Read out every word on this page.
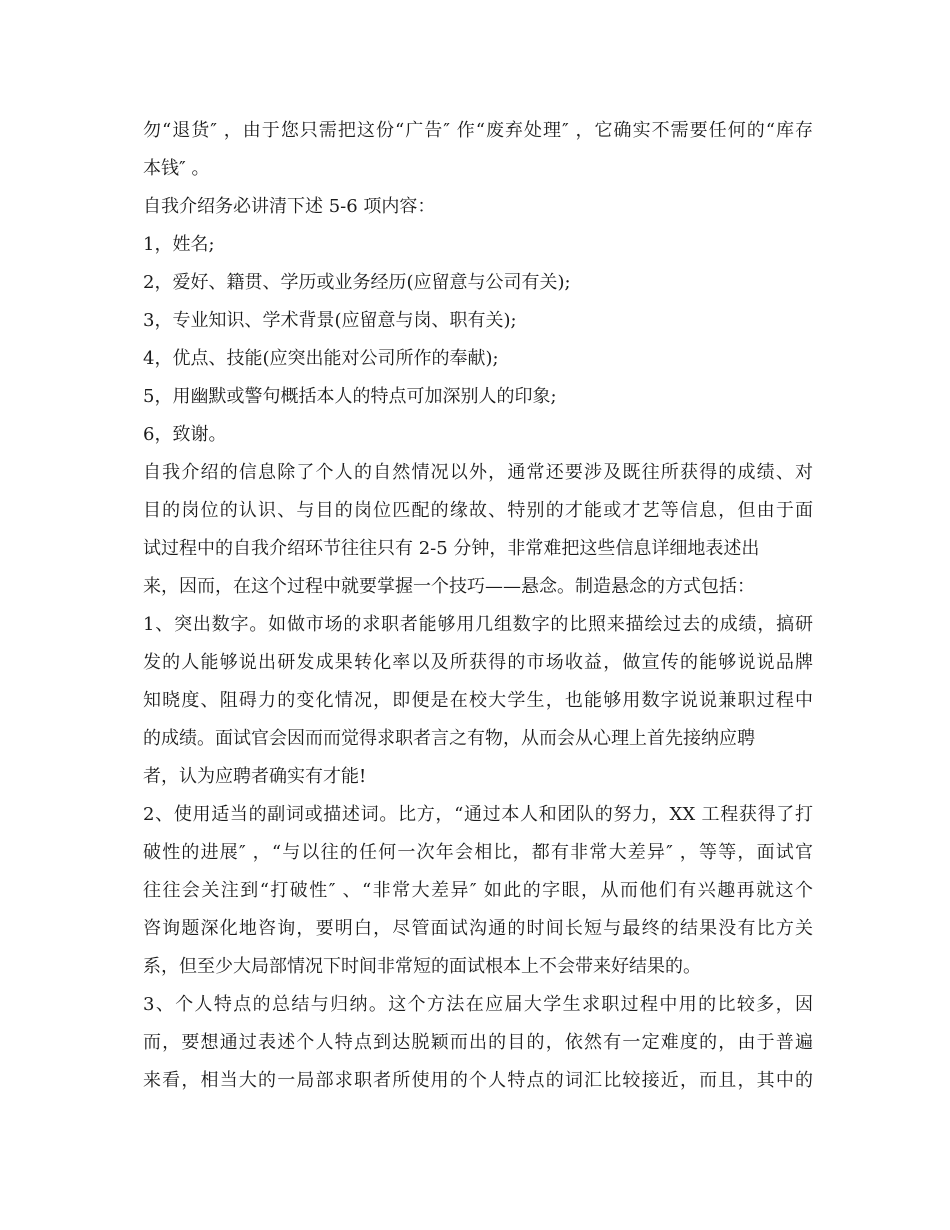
勿“退货″ ，由于您只需把这份“广告″ 作“废弃处理″ ，它确实不需要任何的“库存
本钱″ 。
自我介绍务必讲清下述 5-6 项内容：
1，姓名;
2，爱好、籍贯、学历或业务经历(应留意与公司有关);
3，专业知识、学术背景(应留意与岗、职有关);
4，优点、技能(应突出能对公司所作的奉献);
5，用幽默或警句概括本人的特点可加深别人的印象;
6，致谢。
自我介绍的信息除了个人的自然情况以外，通常还要涉及既往所获得的成绩、对
目的岗位的认识、与目的岗位匹配的缘故、特别的才能或才艺等信息，但由于面
试过程中的自我介绍环节往往只有 2-5 分钟，非常难把这些信息详细地表述出
来，因而，在这个过程中就要掌握一个技巧——悬念。制造悬念的方式包括：
1、突出数字。如做市场的求职者能够用几组数字的比照来描绘过去的成绩，搞研
发的人能够说出研发成果转化率以及所获得的市场收益，做宣传的能够说说品牌
知晓度、阻碍力的变化情况，即便是在校大学生，也能够用数字说说兼职过程中
的成绩。面试官会因而而觉得求职者言之有物，从而会从心理上首先接纳应聘
者，认为应聘者确实有才能!
2、使用适当的副词或描述词。比方，“通过本人和团队的努力，XX 工程获得了打
破性的进展″ ，“与以往的任何一次年会相比，都有非常大差异″ ，等等，面试官
往往会关注到“打破性″ 、“非常大差异″ 如此的字眼，从而他们有兴趣再就这个
咨询题深化地咨询，要明白，尽管面试沟通的时间长短与最终的结果没有比方关
系，但至少大局部情况下时间非常短的面试根本上不会带来好结果的。
3、个人特点的总结与归纳。这个方法在应届大学生求职过程中用的比较多，因
而，要想通过表述个人特点到达脱颖而出的目的，依然有一定难度的，由于普遍
来看，相当大的一局部求职者所使用的个人特点的词汇比较接近，而且，其中的
